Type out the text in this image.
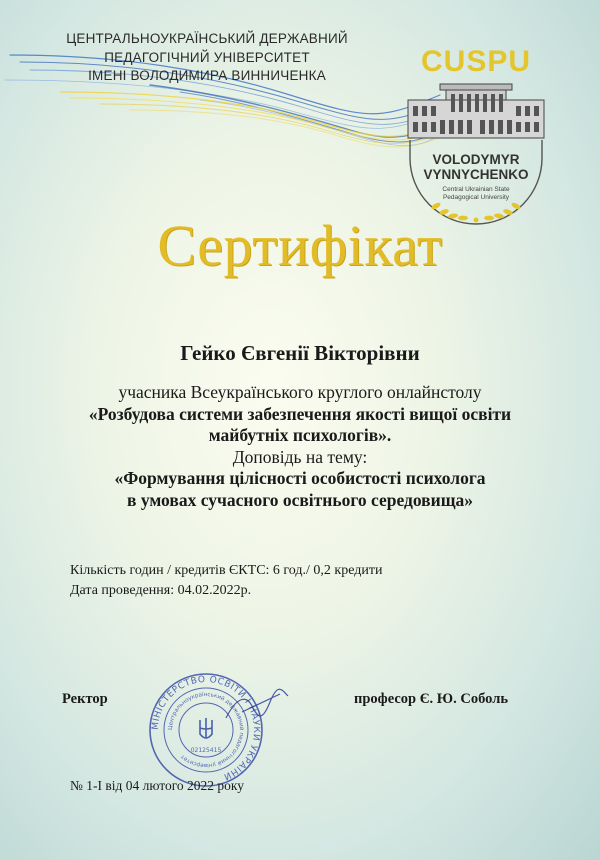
ЦЕНТРАЛЬНОУКРАЇНСЬКИЙ ДЕРЖАВНИЙ
ПЕДАГОГІЧНИЙ УНІВЕРСИТЕТ
ІМЕНІ ВОЛОДИМИРА ВИННИЧЕНКА	CUSPU
VOLODYMYR
VYNNYCHENKO
Central Ukrainian State
Pedagogical University
Сертифікат
Гейко Євгенії Вікторівни
учасника Всеукраїнського круглого онлайнстолу
«Розбудова системи забезпечення якості вищої освіти
майбутніх психологів».
Доповідь на тему:
«Формування цілісності особистості психолога
в умовах сучасного освітнього середовища»
Кількість годин / кредитів ЄКТС: 6 год./ 0,2 кредити
Дата проведення: 04.02.2022р.
Ректор
МІНІСТЕРСТВО ОСВІТИ І НАУКИ УКРАЇНИ
Центральноукраїнський державний педагогічний університет
02125415
професор Є. Ю. Соболь
№ 1-І від 04 лютого 2022 року
